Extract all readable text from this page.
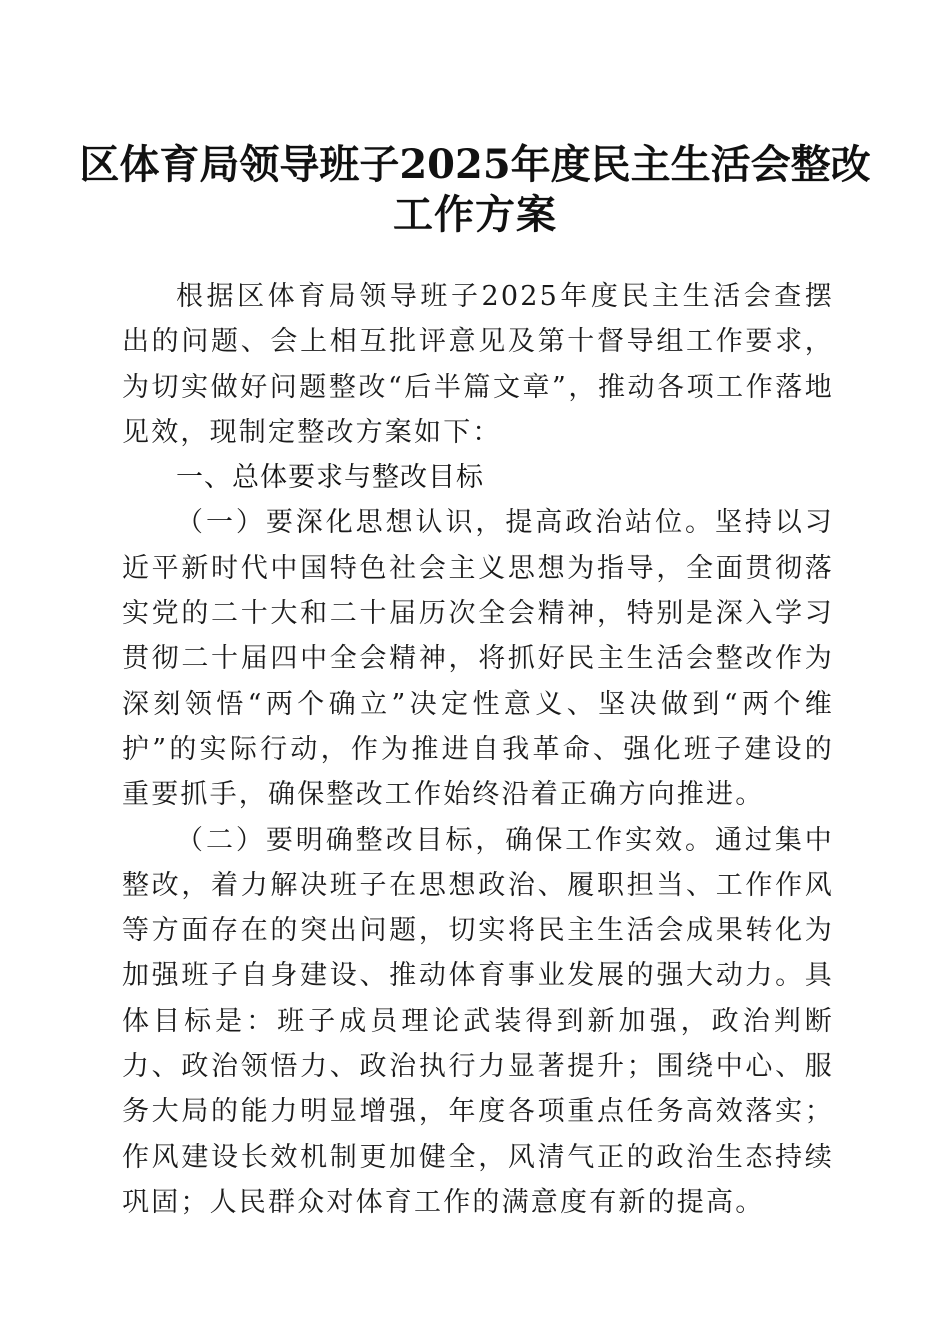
区体育局领导班子2025年度民主生活会整改
工作方案

根据区体育局领导班子2025年度民主生活会查摆出的问题、会上相互批评意见及第十督导组工作要求，为切实做好问题整改“后半篇文章”，推动各项工作落地见效，现制定整改方案如下：

一、总体要求与整改目标

（一）要深化思想认识，提高政治站位。坚持以习近平新时代中国特色社会主义思想为指导，全面贯彻落实党的二十大和二十届历次全会精神，特别是深入学习贯彻二十届四中全会精神，将抓好民主生活会整改作为深刻领悟“两个确立”决定性意义、坚决做到“两个维护”的实际行动，作为推进自我革命、强化班子建设的重要抓手，确保整改工作始终沿着正确方向推进。

（二）要明确整改目标，确保工作实效。通过集中整改，着力解决班子在思想政治、履职担当、工作作风等方面存在的突出问题，切实将民主生活会成果转化为加强班子自身建设、推动体育事业发展的强大动力。具体目标是：班子成员理论武装得到新加强，政治判断力、政治领悟力、政治执行力显著提升；围绕中心、服务大局的能力明显增强，年度各项重点任务高效落实；作风建设长效机制更加健全，风清气正的政治生态持续巩固；人民群众对体育工作的满意度有新的提高。
